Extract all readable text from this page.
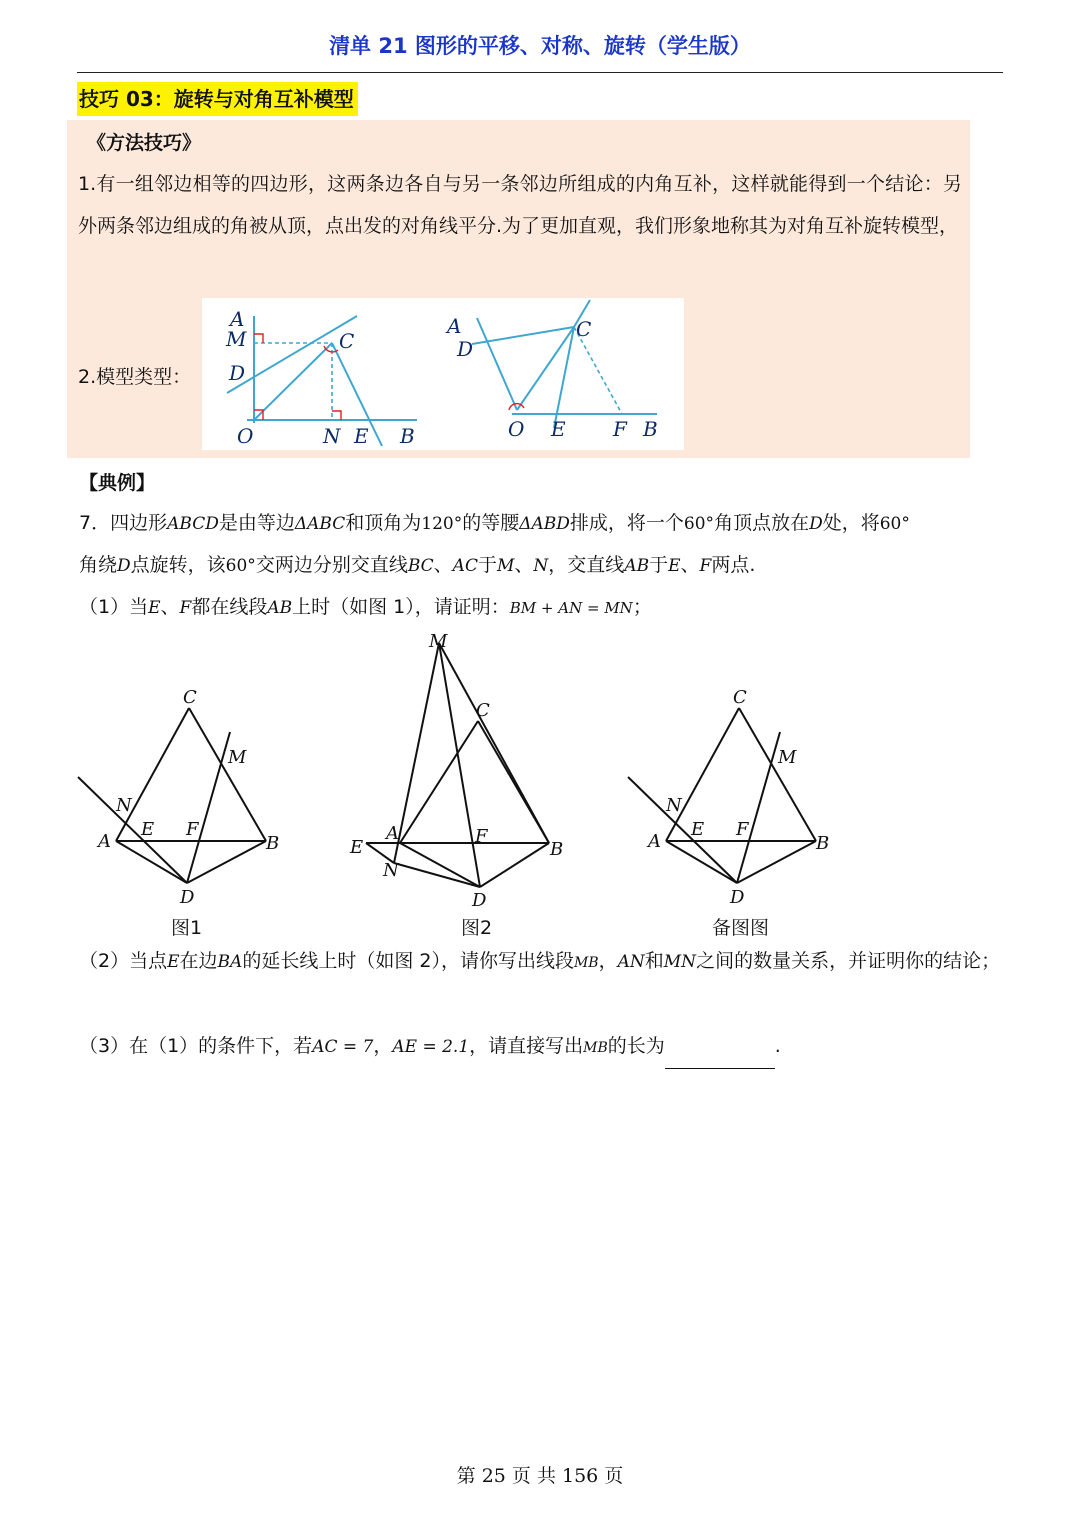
清单 21 图形的平移、对称、旋转（学生版）
技巧 03：旋转与对角互补模型
《方法技巧》
1.有一组邻边相等的四边形，这两条边各自与另一条邻边所组成的内角互补，这样就能得到一个结论：另外两条邻边组成的角被从顶，点出发的对角线平分.为了更加直观，我们形象地称其为对角互补旋转模型，
2.模型类型：
A
M
D
C
O	N E B
A
D
C
O E F B
【典例】
7．四边形ABCD是由等边ΔABC和顶角为120°的等腰ΔABD排成，将一个60°角顶点放在D处，将60°
角绕D点旋转，该60°交两边分别交直线BC、AC于M、N，交直线AB于E、F两点.
（1）当E、F都在线段AB上时（如图 1），请证明：BM + AN = MN；
C
M
N
E F
A	B
D
M
C
A	F
E
N
B
D
C
M
N
E F
A	B
D
图1	图2	备图图
（2）当点E在边BA的延长线上时（如图 2），请你写出线段MB，AN和MN之间的数量关系，并证明你的结论；
（3）在（1）的条件下，若AC = 7，AE = 2.1，请直接写出MB的长为	.
第 25 页 共 156 页
